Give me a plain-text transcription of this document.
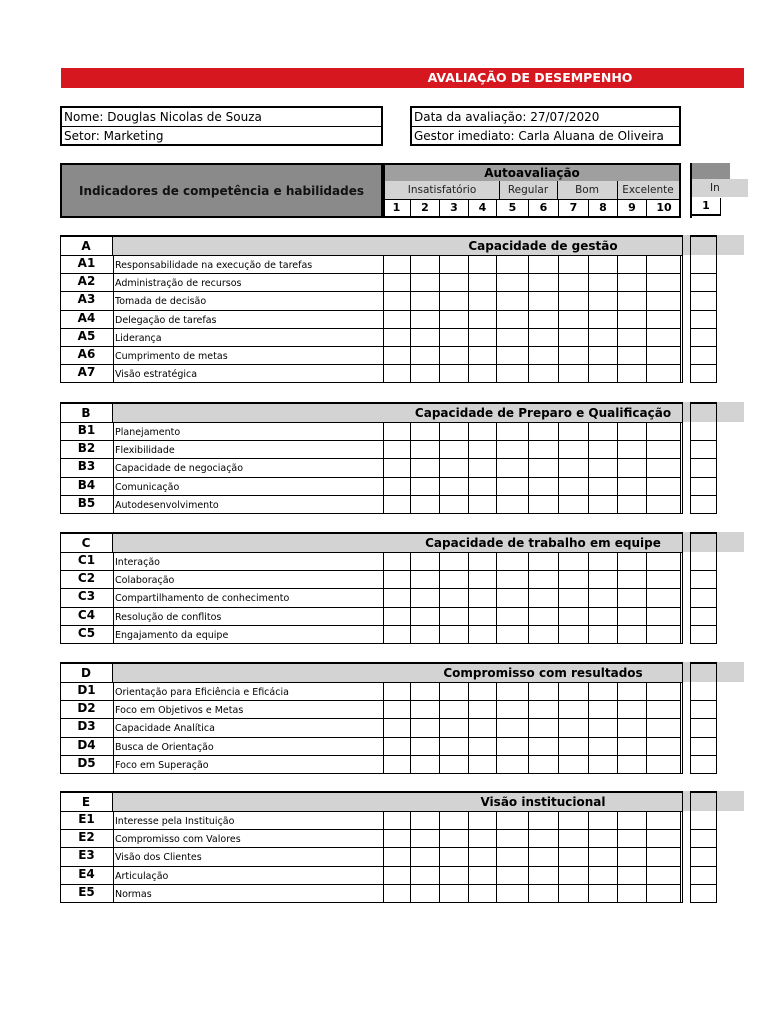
AVALIAÇÃO DE DESEMPENHO
Nome: Douglas Nicolas de Souza
Setor: Marketing
Data da avaliação: 27/07/2020
Gestor imediato: Carla Aluana de Oliveira
Indicadores de competência e habilidades
Autoavaliação
Insatisfatório	Regular	Bom	Excelente
1	2	3	4	5	6	7	8	9	10
In
1
A	Capacidade de gestão
A1	Responsabilidade na execução de tarefas
A2	Administração de recursos
A3	Tomada de decisão
A4	Delegação de tarefas
A5	Liderança
A6	Cumprimento de metas
A7	Visão estratégica
B	Capacidade de Preparo e Qualificação
B1	Planejamento
B2	Flexibilidade
B3	Capacidade de negociação
B4	Comunicação
B5	Autodesenvolvimento
C	Capacidade de trabalho em equipe
C1	Interação
C2	Colaboração
C3	Compartilhamento de conhecimento
C4	Resolução de conflitos
C5	Engajamento da equipe
D	Compromisso com resultados
D1	Orientação para Eficiência e Eficácia
D2	Foco em Objetivos e Metas
D3	Capacidade Analítica
D4	Busca de Orientação
D5	Foco em Superação
E	Visão institucional
E1	Interesse pela Instituição
E2	Compromisso com Valores
E3	Visão dos Clientes
E4	Articulação
E5	Normas
